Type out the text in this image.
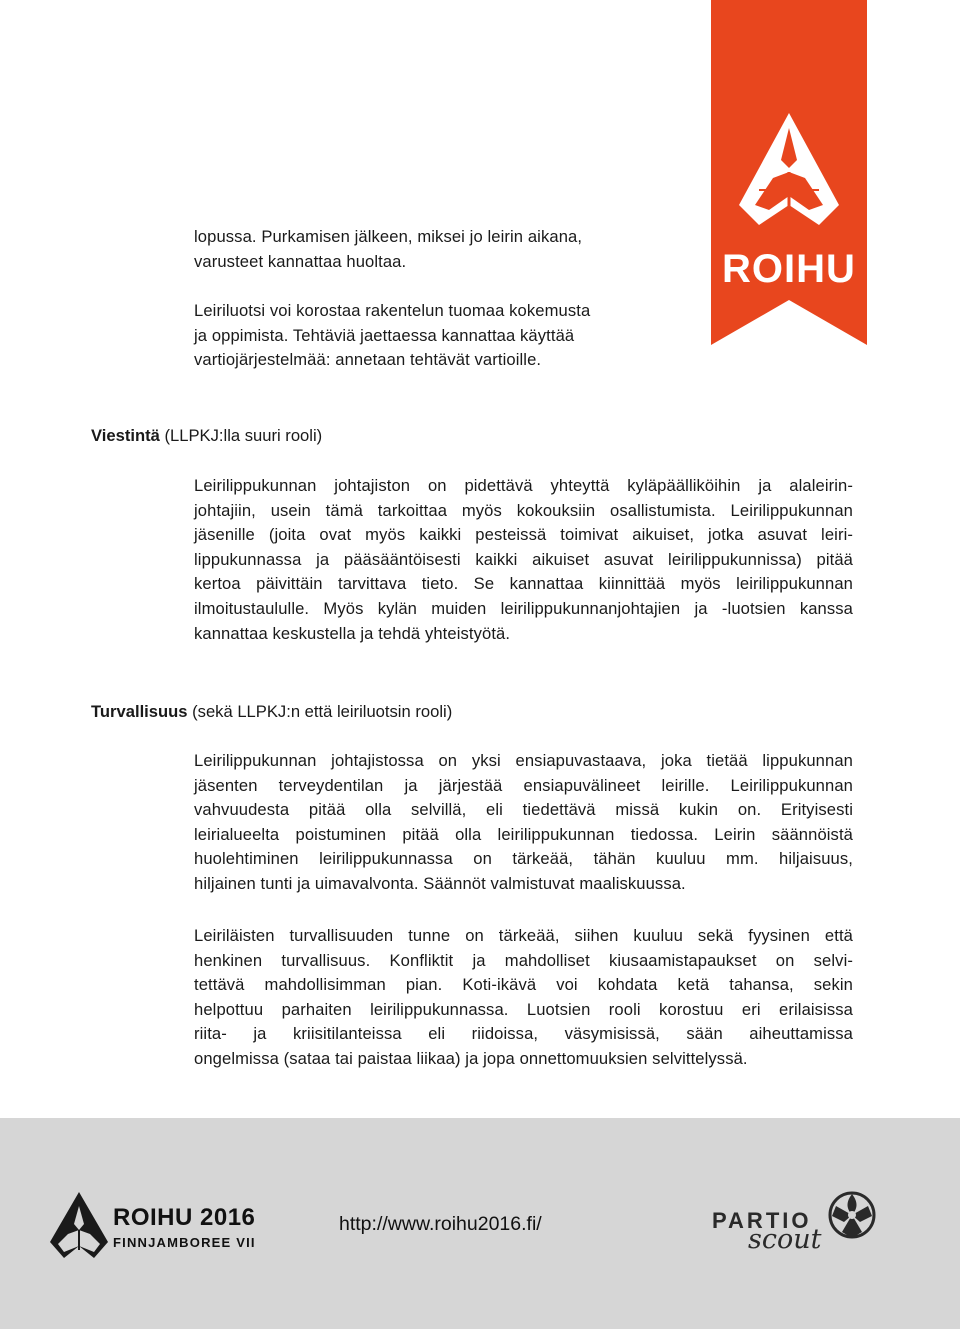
ROIHU
lopussa. Purkamisen jälkeen, miksei jo leirin aikana,
varusteet kannattaa huoltaa.
Leiriluotsi voi korostaa rakentelun tuomaa kokemusta
ja oppimista. Tehtäviä jaettaessa kannattaa käyttää
vartiojärjestelmää: annetaan tehtävät vartioille.

Viestintä (LLPKJ:lla suuri rooli)

Leirilippukunnan johtajiston on pidettävä yhteyttä kyläpäälliköihin ja alaleirin-
johtajiin, usein tämä tarkoittaa myös kokouksiin osallistumista. Leirilippukunnan
jäsenille (joita ovat myös kaikki pesteissä toimivat aikuiset, jotka asuvat leiri-
lippukunnassa ja pääsääntöisesti kaikki aikuiset asuvat leirilippukunnissa) pitää
kertoa päivittäin tarvittava tieto. Se kannattaa kiinnittää myös leirilippukunnan
ilmoitustaululle. Myös kylän muiden leirilippukunnanjohtajien ja -luotsien kanssa
kannattaa keskustella ja tehdä yhteistyötä.

Turvallisuus (sekä LLPKJ:n että leiriluotsin rooli)

Leirilippukunnan johtajistossa on yksi ensiapuvastaava, joka tietää lippukunnan
jäsenten terveydentilan ja järjestää ensiapuvälineet leirille. Leirilippukunnan
vahvuudesta pitää olla selvillä, eli tiedettävä missä kukin on. Erityisesti
leirialueelta poistuminen pitää olla leirilippukunnan tiedossa. Leirin säännöistä
huolehtiminen leirilippukunnassa on tärkeää, tähän kuuluu mm. hiljaisuus,
hiljainen tunti ja uimavalvonta. Säännöt valmistuvat maaliskuussa.
Leiriläisten turvallisuuden tunne on tärkeää, siihen kuuluu sekä fyysinen että
henkinen turvallisuus. Konfliktit ja mahdolliset kiusaamistapaukset on selvi-
tettävä mahdollisimman pian. Koti-ikävä voi kohdata ketä tahansa, sekin
helpottuu parhaiten leirilippukunnassa. Luotsien rooli korostuu eri erilaisissa
riita- ja kriisitilanteissa eli riidoissa, väsymisissä, sään aiheuttamissa
ongelmissa (sataa tai paistaa liikaa) ja jopa onnettomuuksien selvittelyssä.
ROIHU 2016
FINNJAMBOREE VII
http://www.roihu2016.fi/	PARTIO
scout
